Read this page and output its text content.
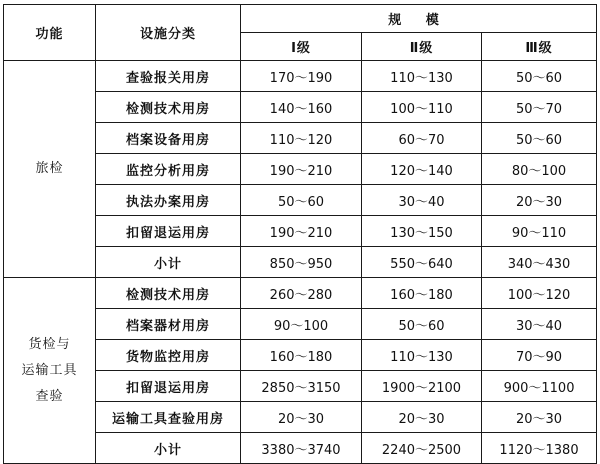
功能	设施分类	规 模		
		Ⅰ级	Ⅱ级	Ⅲ级
旅检	查验报关用房	170～190	110～130	50～60
	检测技术用房	140～160	100～110	50～70
	档案设备用房	110～120	60～70	50～60
	监控分析用房	190～210	120～140	80～100
	执法办案用房	50～60	30～40	20～30
	扣留退运用房	190～210	130～150	90～110
	小计	850～950	550～640	340～430

货检与
运输工具
查验	检测技术用房	260～280	160～180	100～120
	档案器材用房	90～100	50～60	30～40
	货物监控用房	160～180	110～130	70～90
	扣留退运用房	2850～3150	1900～2100	900～1100
	运输工具查验用房	20～30	20～30	20～30
	小计	3380～3740	2240～2500	1120～1380
